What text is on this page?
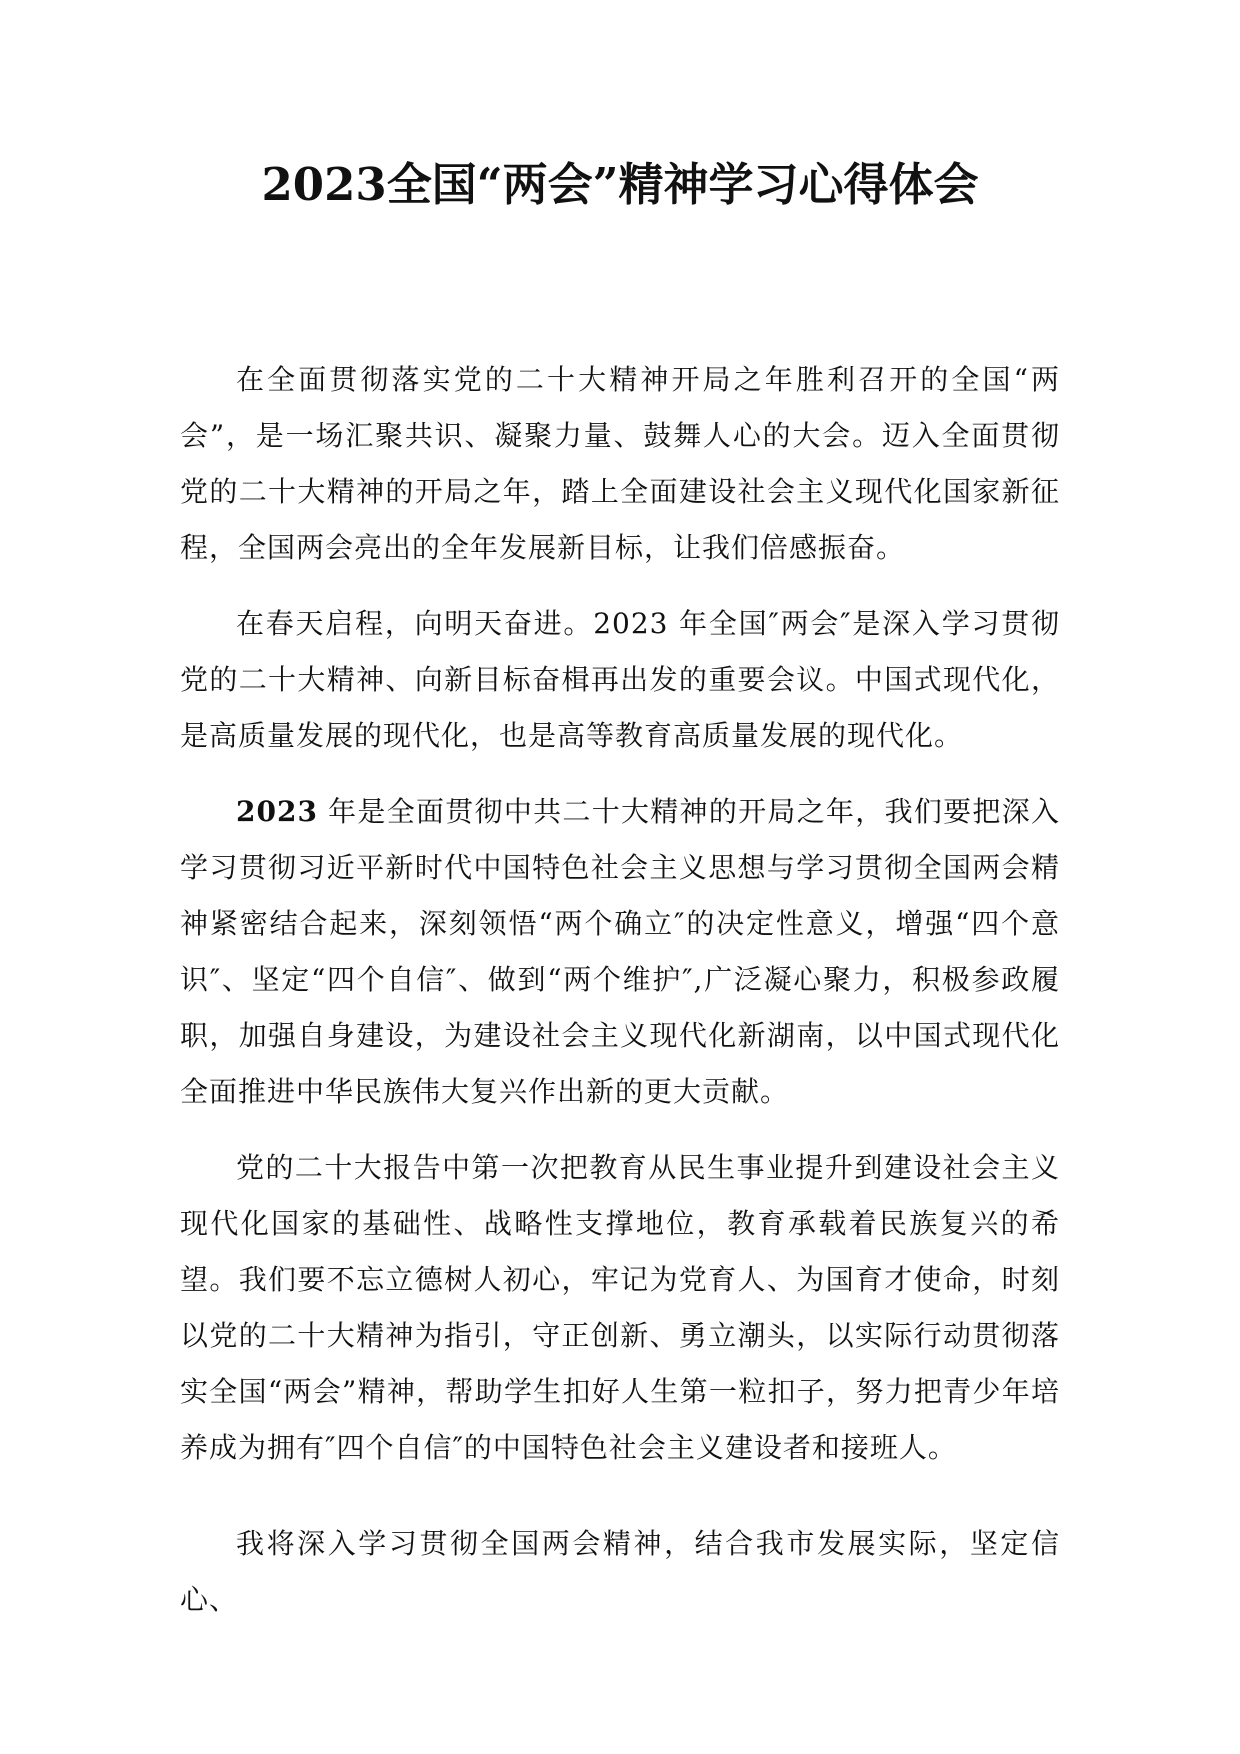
2023全国“两会”精神学习心得体会

在全面贯彻落实党的二十大精神开局之年胜利召开的全国“两会”，是一场汇聚共识、凝聚力量、鼓舞人心的大会。迈入全面贯彻党的二十大精神的开局之年，踏上全面建设社会主义现代化国家新征程，全国两会亮出的全年发展新目标，让我们倍感振奋。

在春天启程，向明天奋进。2023 年全国″两会″是深入学习贯彻党的二十大精神、向新目标奋楫再出发的重要会议。中国式现代化，是高质量发展的现代化，也是高等教育高质量发展的现代化。

2023 年是全面贯彻中共二十大精神的开局之年，我们要把深入学习贯彻习近平新时代中国特色社会主义思想与学习贯彻全国两会精神紧密结合起来，深刻领悟“两个确立″的决定性意义，增强“四个意识″、坚定“四个自信″、做到“两个维护″,广泛凝心聚力，积极参政履职，加强自身建设，为建设社会主义现代化新湖南，以中国式现代化全面推进中华民族伟大复兴作出新的更大贡献。

党的二十大报告中第一次把教育从民生事业提升到建设社会主义现代化国家的基础性、战略性支撑地位，教育承载着民族复兴的希望。我们要不忘立德树人初心，牢记为党育人、为国育才使命，时刻以党的二十大精神为指引，守正创新、勇立潮头，以实际行动贯彻落实全国“两会”精神，帮助学生扣好人生第一粒扣子，努力把青少年培养成为拥有″四个自信″的中国特色社会主义建设者和接班人。

我将深入学习贯彻全国两会精神，结合我市发展实际，坚定信心、
